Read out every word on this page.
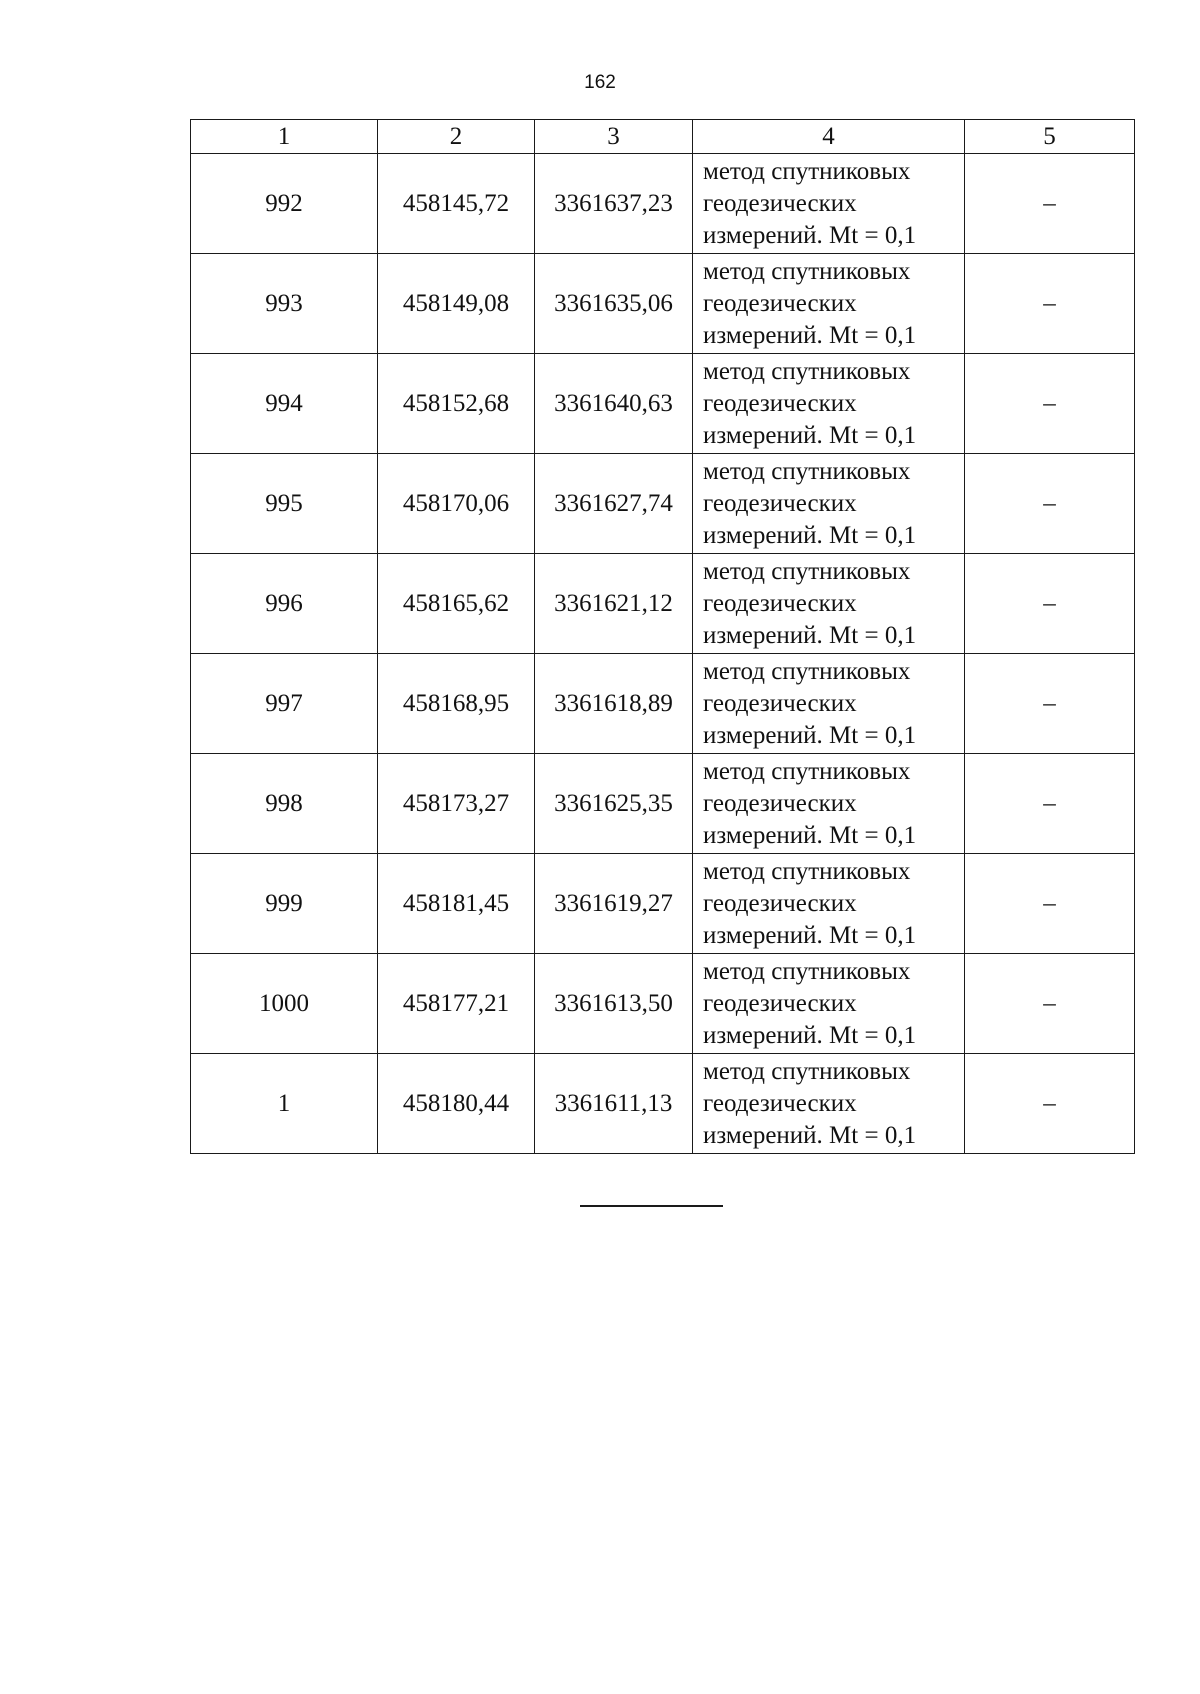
162
1	2	3	4	5
992	458145,72	3361637,23	метод спутниковых
геодезических
измерений. Mt = 0,1	–
993	458149,08	3361635,06	метод спутниковых
геодезических
измерений. Mt = 0,1	–
994	458152,68	3361640,63	метод спутниковых
геодезических
измерений. Mt = 0,1	–
995	458170,06	3361627,74	метод спутниковых
геодезических
измерений. Mt = 0,1	–
996	458165,62	3361621,12	метод спутниковых
геодезических
измерений. Mt = 0,1	–
997	458168,95	3361618,89	метод спутниковых
геодезических
измерений. Mt = 0,1	–
998	458173,27	3361625,35	метод спутниковых
геодезических
измерений. Mt = 0,1	–
999	458181,45	3361619,27	метод спутниковых
геодезических
измерений. Mt = 0,1	–
1000	458177,21	3361613,50	метод спутниковых
геодезических
измерений. Mt = 0,1	–
1	458180,44	3361611,13	метод спутниковых
геодезических
измерений. Mt = 0,1	–
